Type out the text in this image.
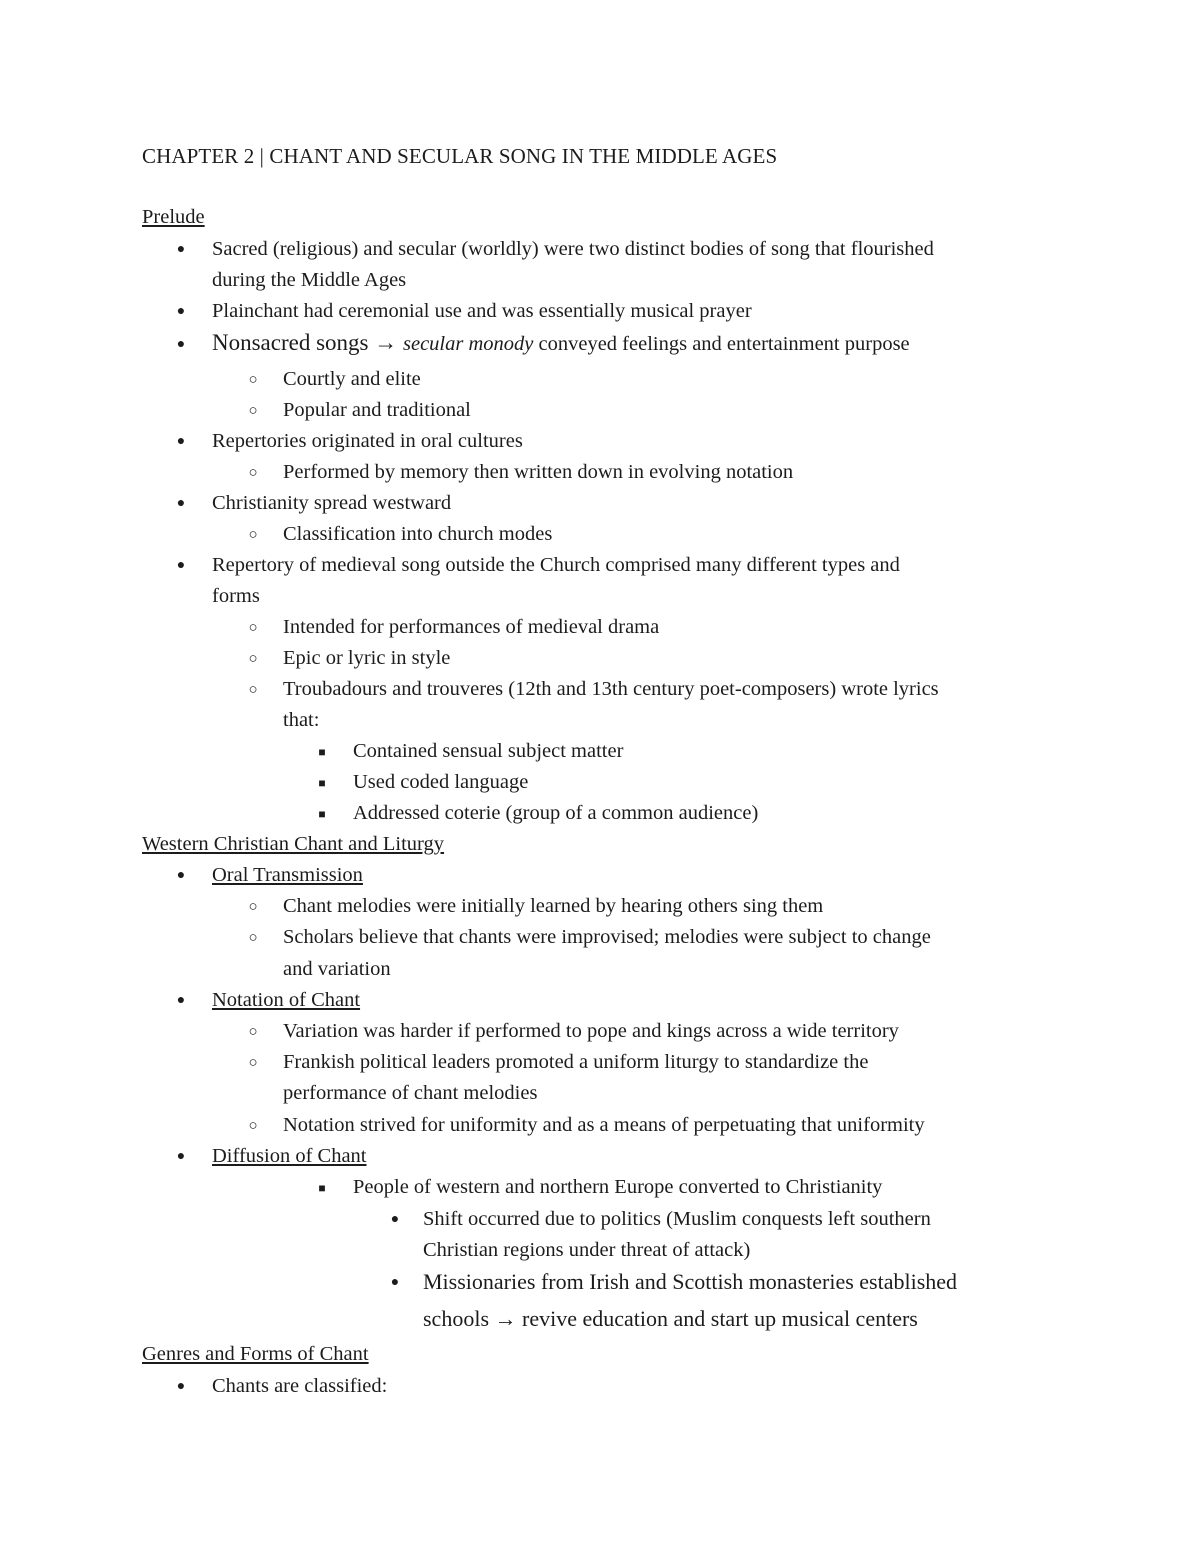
CHAPTER 2 | CHANT AND SECULAR SONG IN THE MIDDLE AGES
Prelude
● Sacred (religious) and secular (worldly) were two distinct bodies of song that flourished
during the Middle Ages
● Plainchant had ceremonial use and was essentially musical prayer
● Nonsacred songs → secular monody conveyed feelings and entertainment purpose
○ Courtly and elite
○ Popular and traditional
● Repertories originated in oral cultures
○ Performed by memory then written down in evolving notation
● Christianity spread westward
○ Classification into church modes
● Repertory of medieval song outside the Church comprised many different types and
forms
○ Intended for performances of medieval drama
○ Epic or lyric in style
○ Troubadours and trouveres (12th and 13th century poet-composers) wrote lyrics
that:
■	Contained sensual subject matter
■	Used coded language
■	Addressed coterie (group of a common audience)
Western Christian Chant and Liturgy
● Oral Transmission
○ Chant melodies were initially learned by hearing others sing them
○ Scholars believe that chants were improvised; melodies were subject to change
and variation
● Notation of Chant
○ Variation was harder if performed to pope and kings across a wide territory
○ Frankish political leaders promoted a uniform liturgy to standardize the
performance of chant melodies
○ Notation strived for uniformity and as a means of perpetuating that uniformity
● Diffusion of Chant
■	People of western and northern Europe converted to Christianity
● Shift occurred due to politics (Muslim conquests left southern
Christian regions under threat of attack)
● Missionaries from Irish and Scottish monasteries established
schools → revive education and start up musical centers
Genres and Forms of Chant
● Chants are classified:
